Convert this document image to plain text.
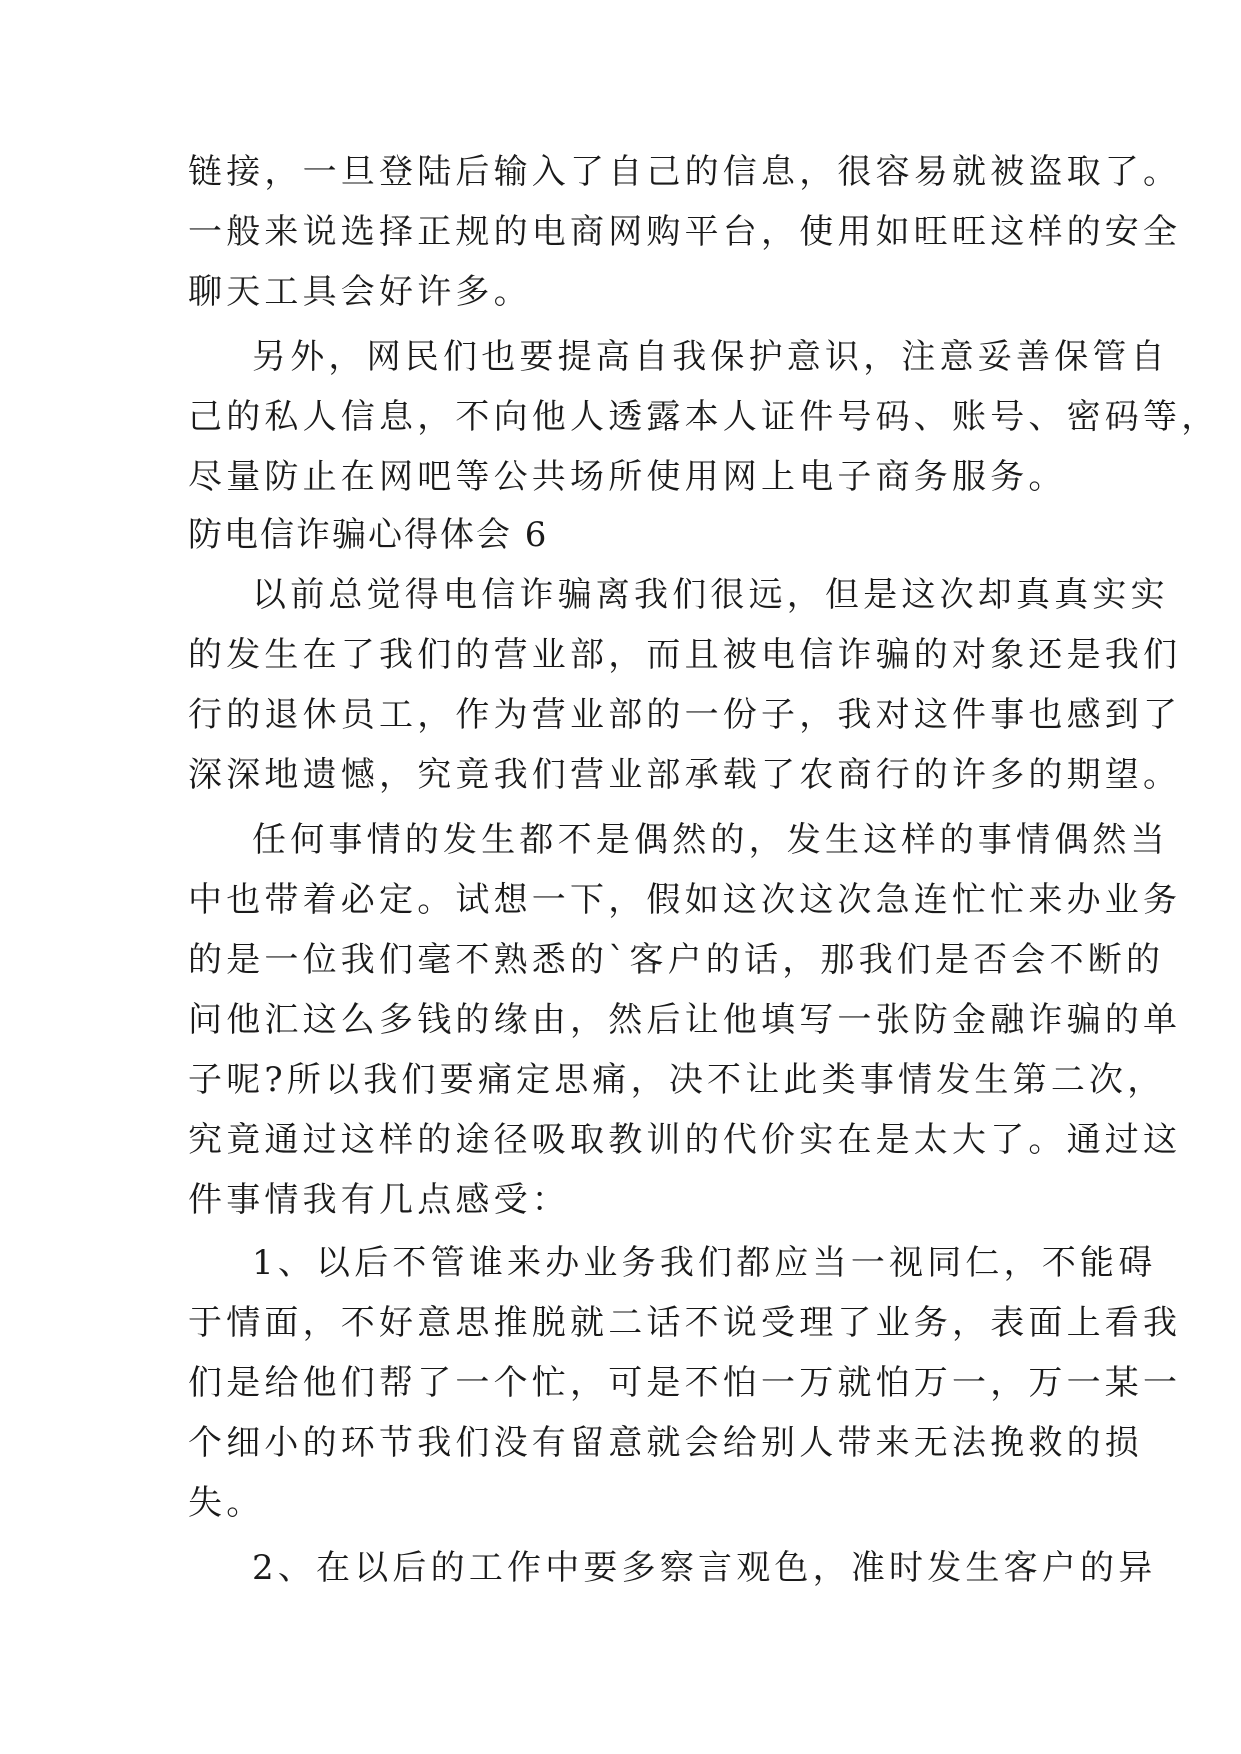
链接，一旦登陆后输入了自己的信息，很容易就被盗取了。
一般来说选择正规的电商网购平台，使用如旺旺这样的安全
聊天工具会好许多。
另外，网民们也要提高自我保护意识，注意妥善保管自
己的私人信息，不向他人透露本人证件号码、账号、密码等，
尽量防止在网吧等公共场所使用网上电子商务服务。
防电信诈骗心得体会 6
以前总觉得电信诈骗离我们很远，但是这次却真真实实
的发生在了我们的营业部，而且被电信诈骗的对象还是我们
行的退休员工，作为营业部的一份子，我对这件事也感到了
深深地遗憾，究竟我们营业部承载了农商行的许多的期望。
任何事情的发生都不是偶然的，发生这样的事情偶然当
中也带着必定。试想一下，假如这次这次急连忙忙来办业务
的是一位我们毫不熟悉的`客户的话，那我们是否会不断的
问他汇这么多钱的缘由，然后让他填写一张防金融诈骗的单
子呢?所以我们要痛定思痛，决不让此类事情发生第二次，
究竟通过这样的途径吸取教训的代价实在是太大了。通过这
件事情我有几点感受：
1、以后不管谁来办业务我们都应当一视同仁，不能碍
于情面，不好意思推脱就二话不说受理了业务，表面上看我
们是给他们帮了一个忙，可是不怕一万就怕万一，万一某一
个细小的环节我们没有留意就会给别人带来无法挽救的损
失。
2、在以后的工作中要多察言观色，准时发生客户的异
